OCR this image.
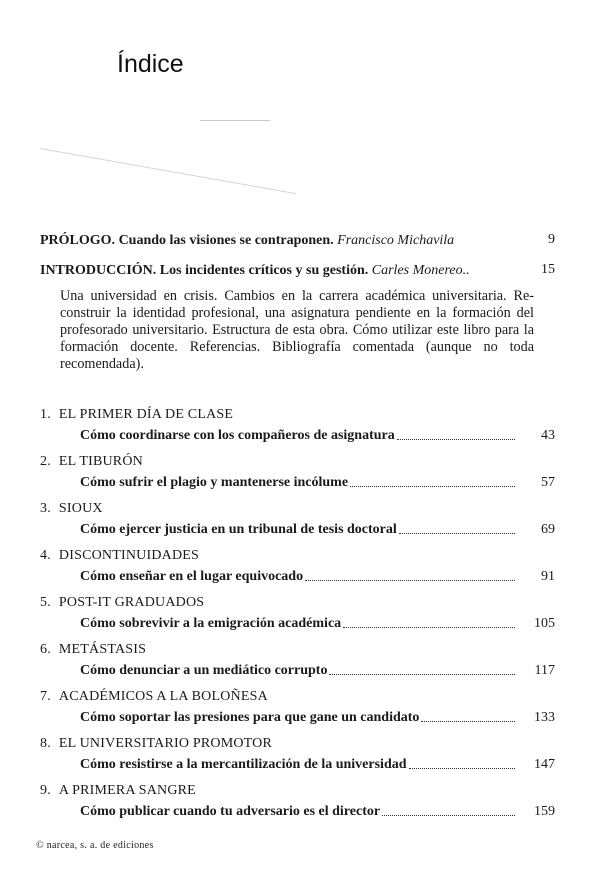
Índice
PRÓLOGO. Cuando las visiones se contraponen. Francisco Michavila	9
INTRODUCCIÓN. Los incidentes críticos y su gestión. Carles Monereo..	15
Una universidad en crisis. Cambios en la carrera académica universitaria. Re-construir la identidad profesional, una asignatura pendiente en la formación del profesorado universitario. Estructura de esta obra. Cómo utilizar este libro para la formación docente. Referencias. Bibliografía comentada (aunque no toda recomendada).
1. EL PRIMER DÍA DE CLASE
Cómo coordinarse con los compañeros de asignatura	43
2. EL TIBURÓN
Cómo sufrir el plagio y mantenerse incólume	57
3. SIOUX
Cómo ejercer justicia en un tribunal de tesis doctoral	69
4. DISCONTINUIDADES
Cómo enseñar en el lugar equivocado	91
5. POST-IT GRADUADOS
Cómo sobrevivir a la emigración académica	105
6. METÁSTASIS
Cómo denunciar a un mediático corrupto	117
7. ACADÉMICOS A LA BOLOÑESA
Cómo soportar las presiones para que gane un candidato	133
8. EL UNIVERSITARIO PROMOTOR
Cómo resistirse a la mercantilización de la universidad	147
9. A PRIMERA SANGRE
Cómo publicar cuando tu adversario es el director	159
© narcea, s. a. de ediciones
